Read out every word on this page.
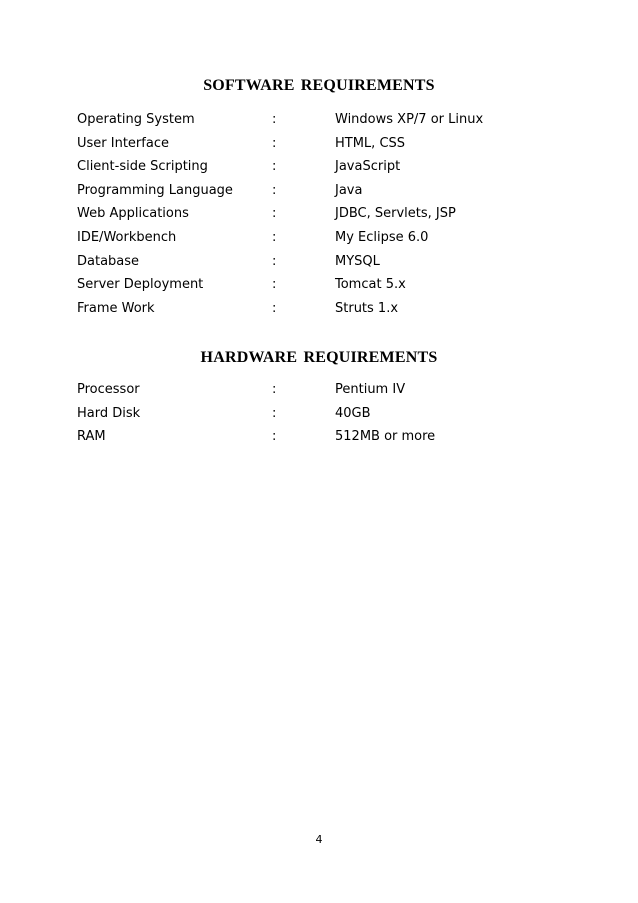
SOFTWARE REQUIREMENTS
Operating System	:	Windows XP/7 or Linux
User Interface	:	HTML, CSS
Client-side Scripting	:	JavaScript
Programming Language	:	Java
Web Applications	:	JDBC, Servlets, JSP
IDE/Workbench	:	My Eclipse 6.0
Database	:	MYSQL
Server Deployment	:	Tomcat 5.x
Frame Work	:	Struts 1.x
HARDWARE REQUIREMENTS
Processor	:	Pentium IV
Hard Disk	:	40GB
RAM	:	512MB or more
4
